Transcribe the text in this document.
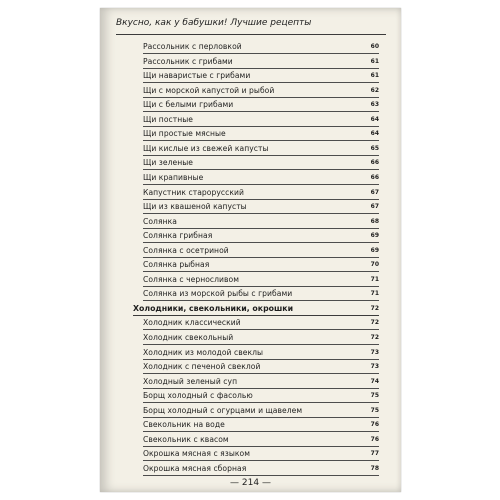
Вкусно, как у бабушки! Лучшие рецепты
Рассольник с перловкой	60
Рассольник с грибами	61
Щи наваристые с грибами	61
Щи с морской капустой и рыбой	62
Щи с белыми грибами	63
Щи постные	64
Щи простые мясные	64
Щи кислые из свежей капусты	65
Щи зеленые	66
Щи крапивные	66
Капустник старорусский	67
Щи из квашеной капусты	67
Солянка	68
Солянка грибная	69
Солянка с осетриной	69
Солянка рыбная	70
Солянка с черносливом	71
Солянка из морской рыбы с грибами	71
Холодники, свекольники, окрошки	72
Холодник классический	72
Холодник свекольный	72
Холодник из молодой свеклы	73
Холодник с печеной свеклой	73
Холодный зеленый суп	74
Борщ холодный с фасолью	75
Борщ холодный с огурцами и щавелем	75
Свекольник на воде	76
Свекольник с квасом	76
Окрошка мясная с языком	77
Окрошка мясная сборная	78
— 214 —
